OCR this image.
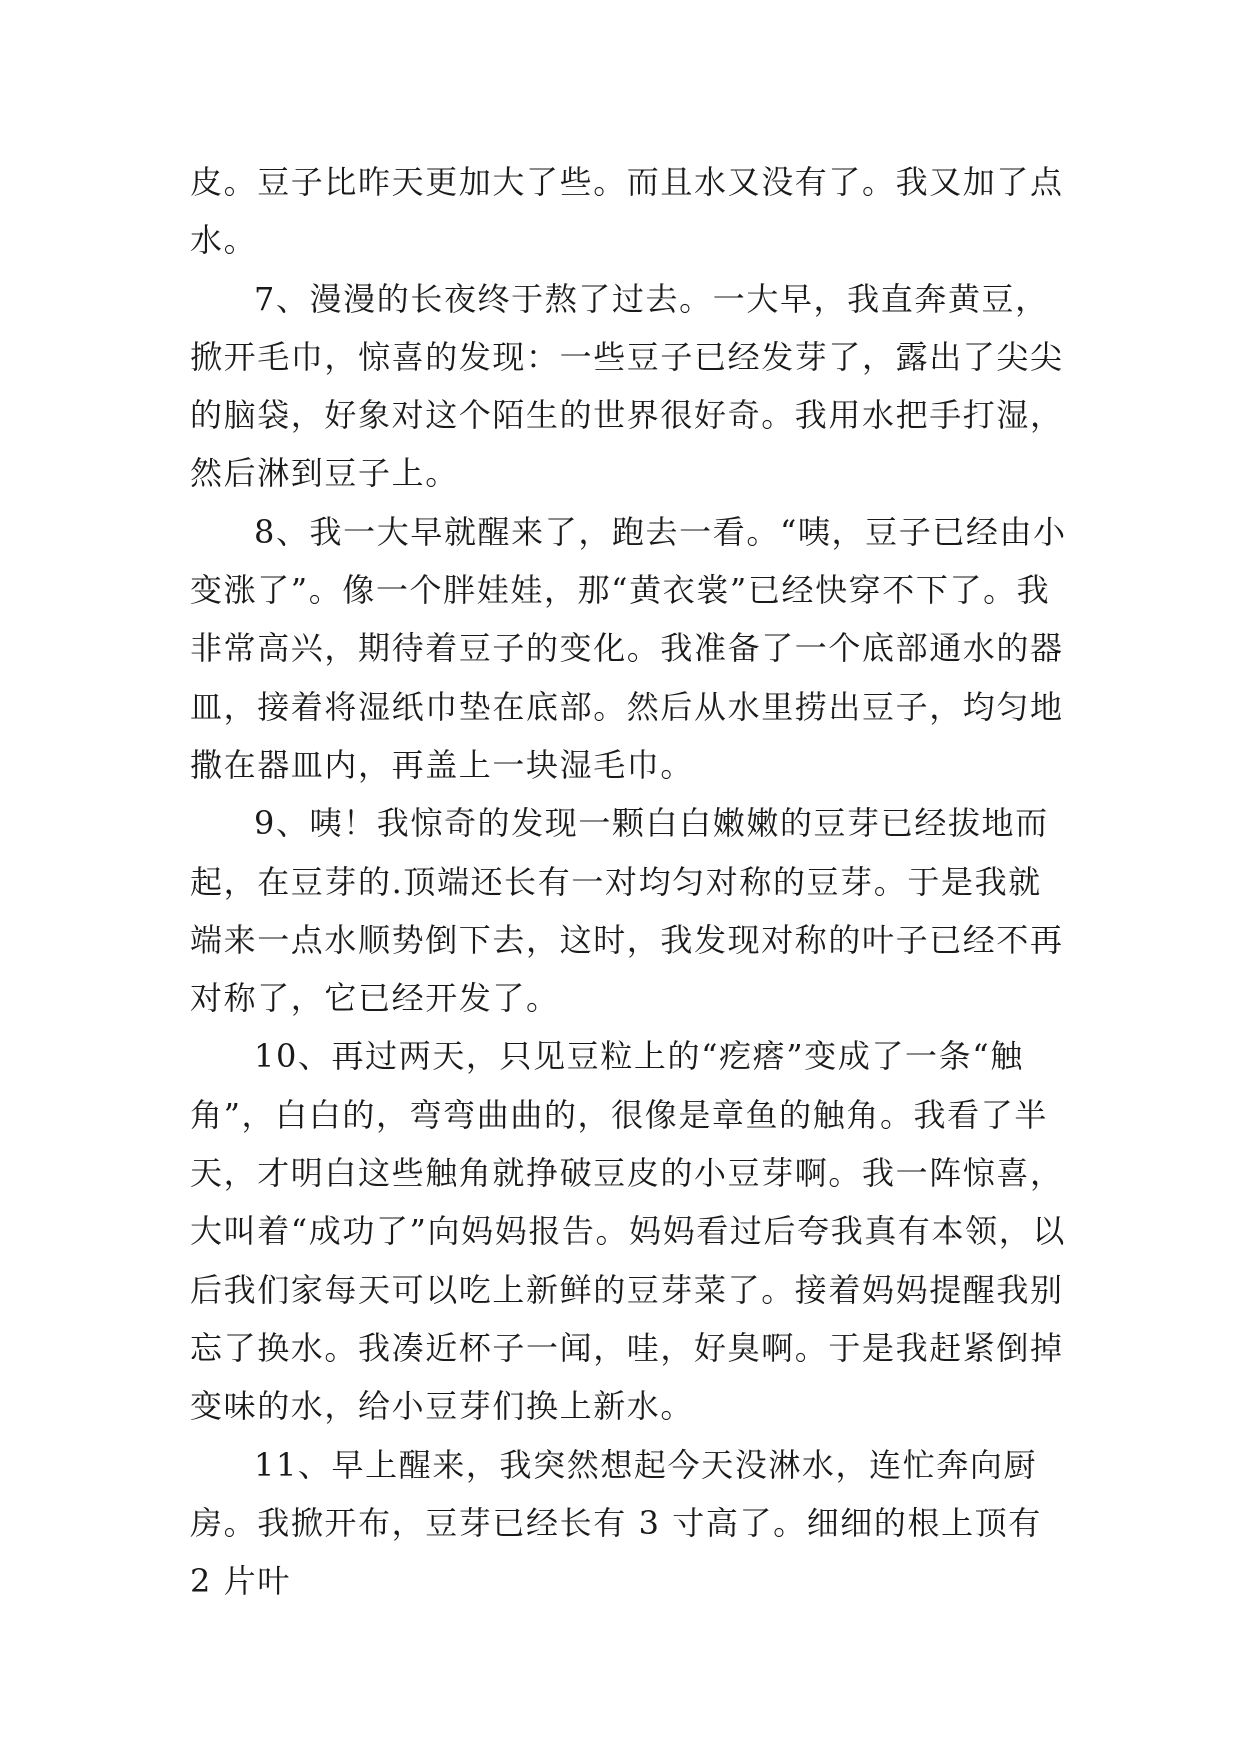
皮。豆子比昨天更加大了些。而且水又没有了。我又加了点水。

7、漫漫的长夜终于熬了过去。一大早，我直奔黄豆，掀开毛巾，惊喜的发现：一些豆子已经发芽了，露出了尖尖的脑袋，好象对这个陌生的世界很好奇。我用水把手打湿，然后淋到豆子上。

8、我一大早就醒来了，跑去一看。“咦，豆子已经由小变涨了”。像一个胖娃娃，那“黄衣裳”已经快穿不下了。我非常高兴，期待着豆子的变化。我准备了一个底部通水的器皿，接着将湿纸巾垫在底部。然后从水里捞出豆子，均匀地撒在器皿内，再盖上一块湿毛巾。

9、咦！我惊奇的发现一颗白白嫩嫩的豆芽已经拔地而起，在豆芽的.顶端还长有一对均匀对称的豆芽。于是我就端来一点水顺势倒下去，这时，我发现对称的叶子已经不再对称了，它已经开发了。

10、再过两天，只见豆粒上的“疙瘩”变成了一条“触角”，白白的，弯弯曲曲的，很像是章鱼的触角。我看了半天，才明白这些触角就挣破豆皮的小豆芽啊。我一阵惊喜，大叫着“成功了”向妈妈报告。妈妈看过后夸我真有本领，以后我们家每天可以吃上新鲜的豆芽菜了。接着妈妈提醒我别忘了换水。我凑近杯子一闻，哇，好臭啊。于是我赶紧倒掉变味的水，给小豆芽们换上新水。

11、早上醒来，我突然想起今天没淋水，连忙奔向厨房。我掀开布，豆芽已经长有 3 寸高了。细细的根上顶有 2 片叶
